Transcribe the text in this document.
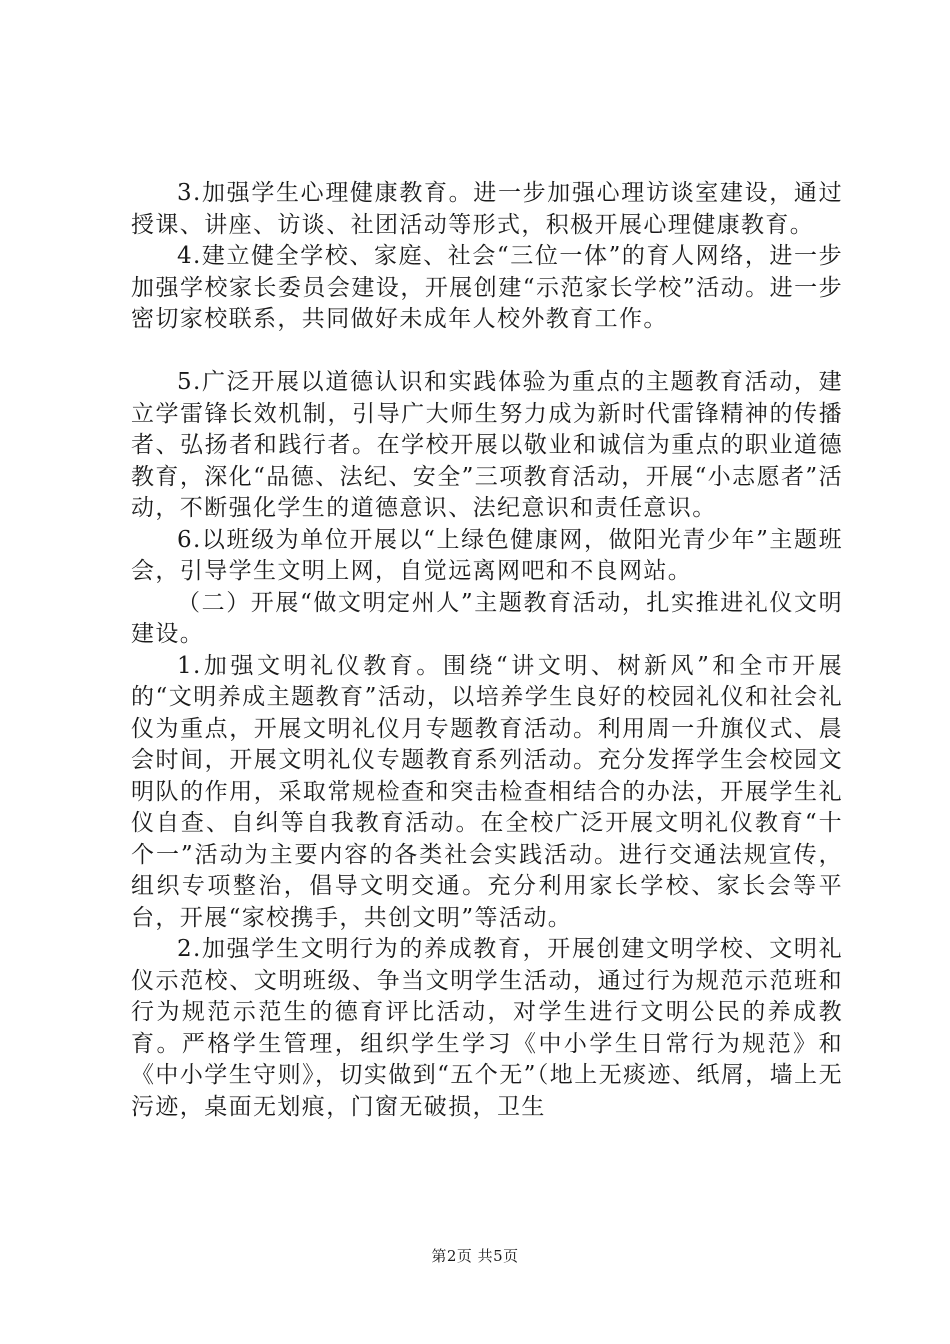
3.加强学生心理健康教育。进一步加强心理访谈室建设，通过授课、讲座、访谈、社团活动等形式，积极开展心理健康教育。

4.建立健全学校、家庭、社会“三位一体”的育人网络，进一步加强学校家长委员会建设，开展创建“示范家长学校”活动。进一步密切家校联系，共同做好未成年人校外教育工作。

5.广泛开展以道德认识和实践体验为重点的主题教育活动，建立学雷锋长效机制，引导广大师生努力成为新时代雷锋精神的传播者、弘扬者和践行者。在学校开展以敬业和诚信为重点的职业道德教育，深化“品德、法纪、安全”三项教育活动，开展“小志愿者”活动，不断强化学生的道德意识、法纪意识和责任意识。

6.以班级为单位开展以“上绿色健康网，做阳光青少年”主题班会，引导学生文明上网，自觉远离网吧和不良网站。

（二）开展“做文明定州人”主题教育活动，扎实推进礼仪文明建设。

1.加强文明礼仪教育。围绕“讲文明、树新风”和全市开展的“文明养成主题教育”活动，以培养学生良好的校园礼仪和社会礼仪为重点，开展文明礼仪月专题教育活动。利用周一升旗仪式、晨会时间，开展文明礼仪专题教育系列活动。充分发挥学生会校园文明队的作用，采取常规检查和突击检查相结合的办法，开展学生礼仪自查、自纠等自我教育活动。在全校广泛开展文明礼仪教育“十个一”活动为主要内容的各类社会实践活动。进行交通法规宣传，组织专项整治，倡导文明交通。充分利用家长学校、家长会等平台，开展“家校携手，共创文明”等活动。

2.加强学生文明行为的养成教育，开展创建文明学校、文明礼仪示范校、文明班级、争当文明学生活动，通过行为规范示范班和行为规范示范生的德育评比活动，对学生进行文明公民的养成教育。严格学生管理，组织学生学习《中小学生日常行为规范》和《中小学生守则》，切实做到“五个无”（地上无痰迹、纸屑，墙上无污迹，桌面无划痕，门窗无破损，卫生

第2页 共5页
